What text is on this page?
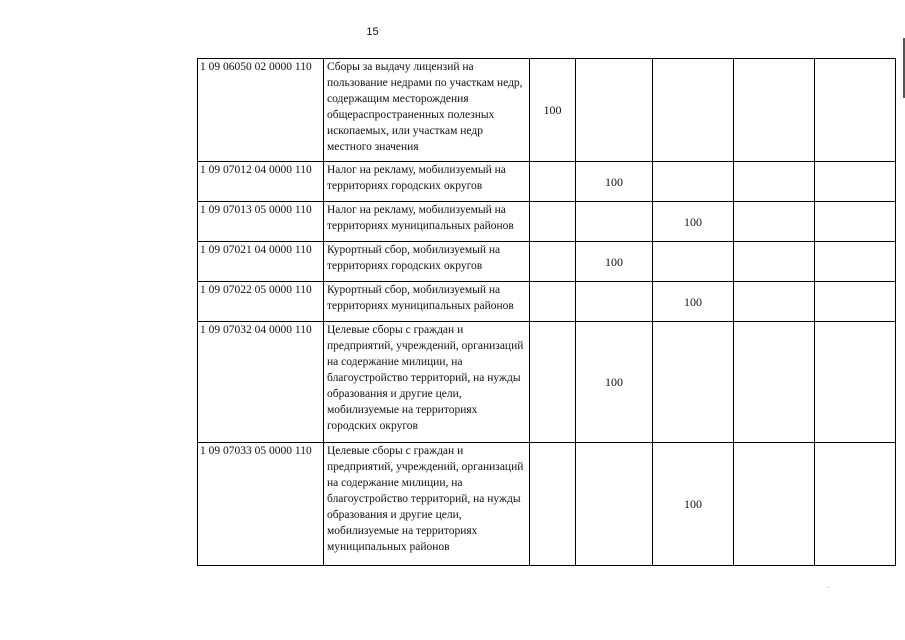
15
1 09 06050 02 0000 110	Сборы за выдачу лицензий на пользование недрами по участкам недр, содержащим месторождения общераспространенных полезных ископаемых, или участкам недр местного значения	100				
1 09 07012 04 0000 110	Налог на рекламу, мобилизуемый на территориях городских округов		100			
1 09 07013 05 0000 110	Налог на рекламу, мобилизуемый на территориях муниципальных районов			100		
1 09 07021 04 0000 110	Курортный сбор, мобилизуемый на территориях городских округов		100			
1 09 07022 05 0000 110	Курортный сбор, мобилизуемый на территориях муниципальных районов			100		
1 09 07032 04 0000 110	Целевые сборы с граждан и предприятий, учреждений, организаций на содержание милиции, на благоустройство территорий, на нужды образования и другие цели, мобилизуемые на территориях городских округов		100			
1 09 07033 05 0000 110	Целевые сборы с граждан и предприятий, учреждений, организаций на содержание милиции, на благоустройство территорий, на нужды образования и другие цели, мобилизуемые на территориях муниципальных районов			100		
